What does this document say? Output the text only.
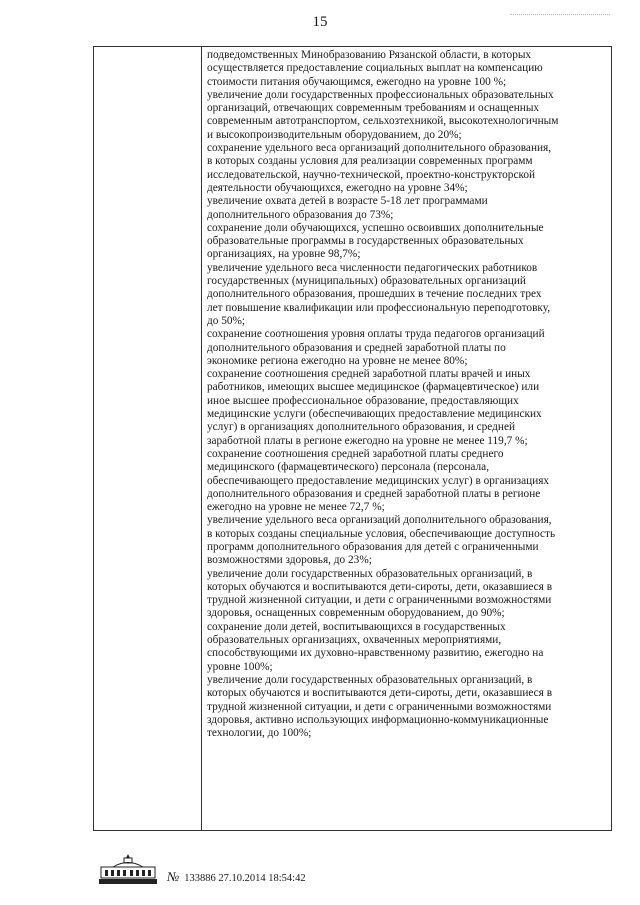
15

подведомственных Минобразованию Рязанской области, в которых
осуществляется предоставление социальных выплат на компенсацию
стоимости питания обучающимся, ежегодно на уровне 100 %;

увеличение доли государственных профессиональных образовательных
организаций, отвечающих современным требованиям и оснащенных
современным автотранспортом, сельхозтехникой, высокотехнологичным
и высокопроизводительным оборудованием, до 20%;

сохранение удельного веса организаций дополнительного образования,
в которых созданы условия для реализации современных программ
исследовательской, научно-технической, проектно-конструкторской
деятельности обучающихся, ежегодно на уровне 34%;

увеличение охвата детей в возрасте 5-18 лет программами
дополнительного образования до 73%;

сохранение доли обучающихся, успешно освоивших дополнительные
образовательные программы в государственных образовательных
организациях, на уровне 98,7%;

увеличение удельного веса численности педагогических работников
государственных (муниципальных) образовательных организаций
дополнительного образования, прошедших в течение последних трех
лет повышение квалификации или профессиональную переподготовку,
до 50%;

сохранение соотношения уровня оплаты труда педагогов организаций
дополнительного образования и средней заработной платы по
экономике региона ежегодно на уровне не менее 80%;

сохранение соотношения средней заработной платы врачей и иных
работников, имеющих высшее медицинское (фармацевтическое) или
иное высшее профессиональное образование, предоставляющих
медицинские услуги (обеспечивающих предоставление медицинских
услуг) в организациях дополнительного образования, и средней
заработной платы в регионе ежегодно на уровне не менее 119,7 %;

сохранение соотношения средней заработной платы среднего
медицинского (фармацевтического) персонала (персонала,
обеспечивающего предоставление медицинских услуг) в организациях
дополнительного образования и средней заработной платы в регионе
ежегодно на уровне не менее 72,7 %;

увеличение удельного веса организаций дополнительного образования,
в которых созданы специальные условия, обеспечивающие доступность
программ дополнительного образования для детей с ограниченными
возможностями здоровья, до 23%;

увеличение доли государственных образовательных организаций, в
которых обучаются и воспитываются дети-сироты, дети, оказавшиеся в
трудной жизненной ситуации, и дети с ограниченными возможностями
здоровья, оснащенных современным оборудованием, до 90%;

сохранение доли детей, воспитывающихся в государственных
образовательных организациях, охваченных мероприятиями,
способствующими их духовно-нравственному развитию, ежегодно на
уровне 100%;

увеличение доли государственных образовательных организаций, в
которых обучаются и воспитываются дети-сироты, дети, оказавшиеся в
трудной жизненной ситуации, и дети с ограниченными возможностями
здоровья, активно использующих информационно-коммуникационные
технологии, до 100%;

№ 133886 27.10.2014 18:54:42
